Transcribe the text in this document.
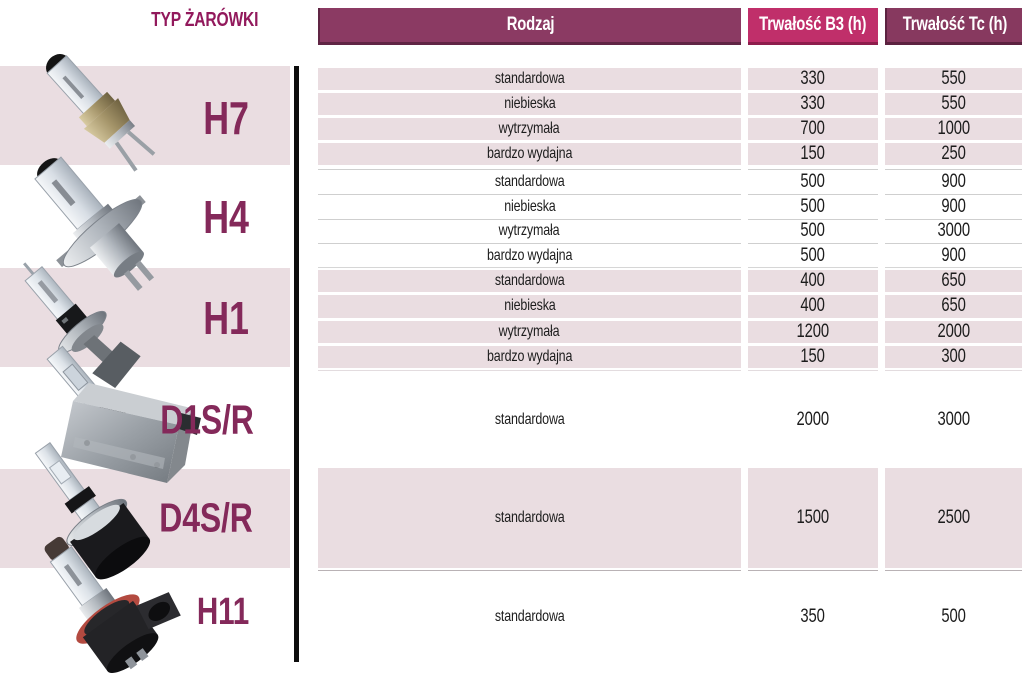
TYP ŻARÓWKI
H7
H4
H1
D1S/R
D4S/R
H11
Rodzaj	Trwałość B3 (h) Trwałość Tc (h)
standardowa	330	550
niebieska	330	550
wytrzymała	700	1000
bardzo wydajna	150	250
standardowa	500	900
niebieska	500	900
wytrzymała	500	3000
bardzo wydajna	500	900
standardowa	400	650
niebieska	400	650
wytrzymała	1200	2000
bardzo wydajna	150	300
standardowa	2000	3000
standardowa	1500	2500
standardowa	350	500
